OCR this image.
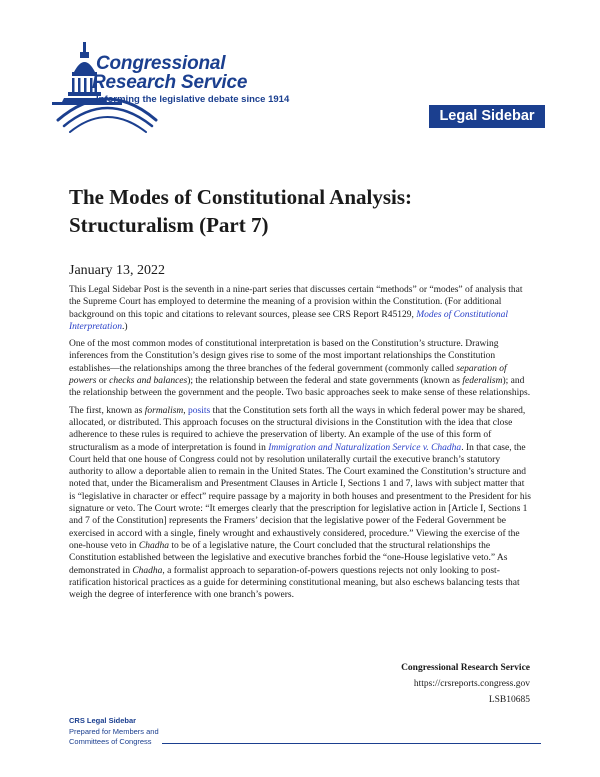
Congressional
Research Service
Informing the legislative debate since 1914
Legal Sidebar
The Modes of Constitutional Analysis:
Structuralism (Part 7)
January 13, 2022

This Legal Sidebar Post is the seventh in a nine-part series that discusses certain “methods” or “modes” of analysis that the Supreme Court has employed to determine the meaning of a provision within the Constitution. (For additional background on this topic and citations to relevant sources, please see CRS Report R45129, Modes of Constitutional Interpretation.)

One of the most common modes of constitutional interpretation is based on the Constitution’s structure. Drawing inferences from the Constitution’s design gives rise to some of the most important relationships the Constitution establishes—the relationships among the three branches of the federal government (commonly called separation of powers or checks and balances); the relationship between the federal and state governments (known as federalism); and the relationship between the government and the people. Two basic approaches seek to make sense of these relationships.

The first, known as formalism, posits that the Constitution sets forth all the ways in which federal power may be shared, allocated, or distributed. This approach focuses on the structural divisions in the Constitution with the idea that close adherence to these rules is required to achieve the preservation of liberty. An example of the use of this form of structuralism as a mode of interpretation is found in Immigration and Naturalization Service v. Chadha. In that case, the Court held that one house of Congress could not by resolution unilaterally curtail the executive branch’s statutory authority to allow a deportable alien to remain in the United States. The Court examined the Constitution’s structure and noted that, under the Bicameralism and Presentment Clauses in Article I, Sections 1 and 7, laws with subject matter that is “legislative in character or effect” require passage by a majority in both houses and presentment to the President for his signature or veto. The Court wrote: “It emerges clearly that the prescription for legislative action in [Article I, Sections 1 and 7 of the Constitution] represents the Framers’ decision that the legislative power of the Federal Government be exercised in accord with a single, finely wrought and exhaustively considered, procedure.” Viewing the exercise of the one-house veto in Chadha to be of a legislative nature, the Court concluded that the structural relationships the Constitution established between the legislative and executive branches forbid the “one-House legislative veto.” As demonstrated in Chadha, a formalist approach to separation-of-powers questions rejects not only looking to post-ratification historical practices as a guide for determining constitutional meaning, but also eschews balancing tests that weigh the degree of interference with one branch’s powers.

Congressional Research Service
https://crsreports.congress.gov
LSB10685
CRS Legal Sidebar
Prepared for Members and
Committees of Congress
